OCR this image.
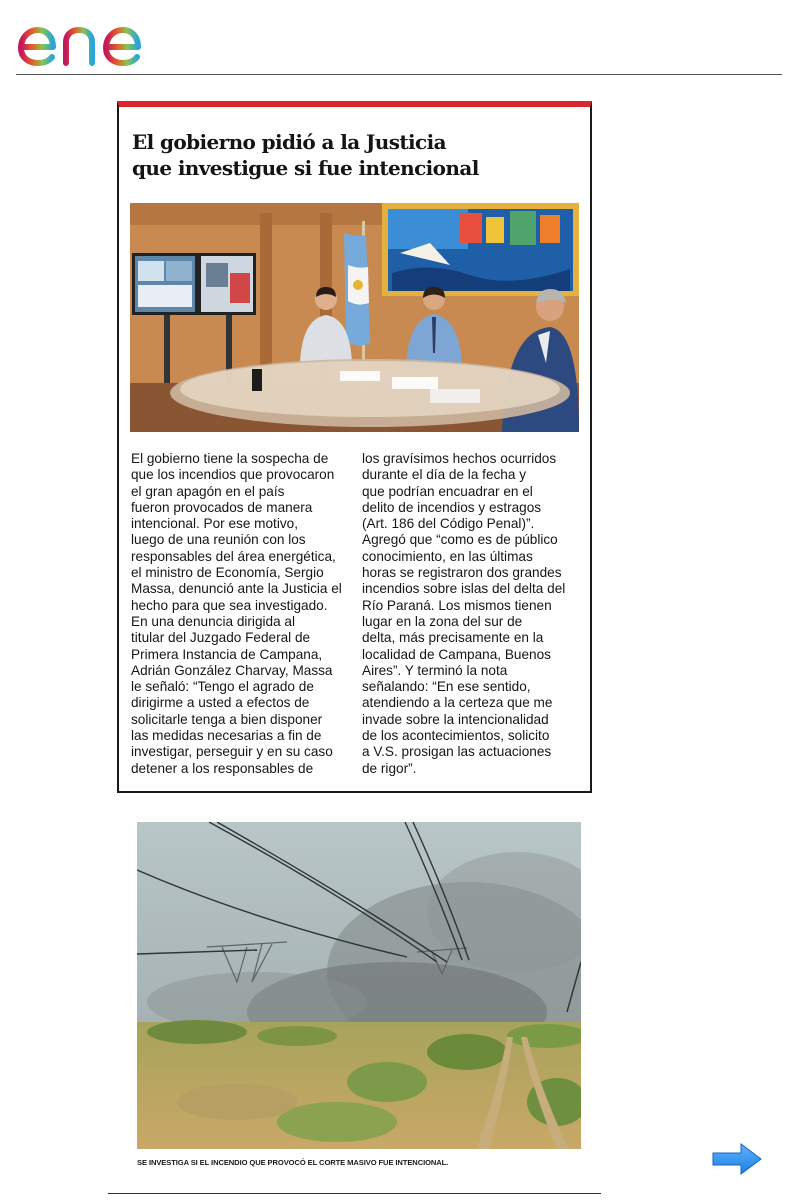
El gobierno pidió a la Justicia
que investigue si fue intencional
El gobierno tiene la sospecha de
que los incendios que provocaron
el gran apagón en el país
fueron provocados de manera
intencional. Por ese motivo,
luego de una reunión con los
responsables del área energética,
el ministro de Economía, Sergio
Massa, denunció ante la Justicia el
hecho para que sea investigado.
En una denuncia dirigida al
titular del Juzgado Federal de
Primera Instancia de Campana,
Adrián González Charvay, Massa
le señaló: “Tengo el agrado de
dirigirme a usted a efectos de
solicitarle tenga a bien disponer
las medidas necesarias a fin de
investigar, perseguir y en su caso
detener a los responsables de
los gravísimos hechos ocurridos
durante el día de la fecha y
que podrían encuadrar en el
delito de incendios y estragos
(Art. 186 del Código Penal)”.
Agregó que “como es de público
conocimiento, en las últimas
horas se registraron dos grandes
incendios sobre islas del delta del
Río Paraná. Los mismos tienen
lugar en la zona del sur de
delta, más precisamente en la
localidad de Campana, Buenos
Aires”. Y terminó la nota
señalando: “En ese sentido,
atendiendo a la certeza que me
invade sobre la intencionalidad
de los acontecimientos, solicito
a V.S. prosigan las actuaciones
de rigor”.
SE INVESTIGA SI EL INCENDIO QUE PROVOCÓ EL CORTE MASIVO FUE INTENCIONAL.
